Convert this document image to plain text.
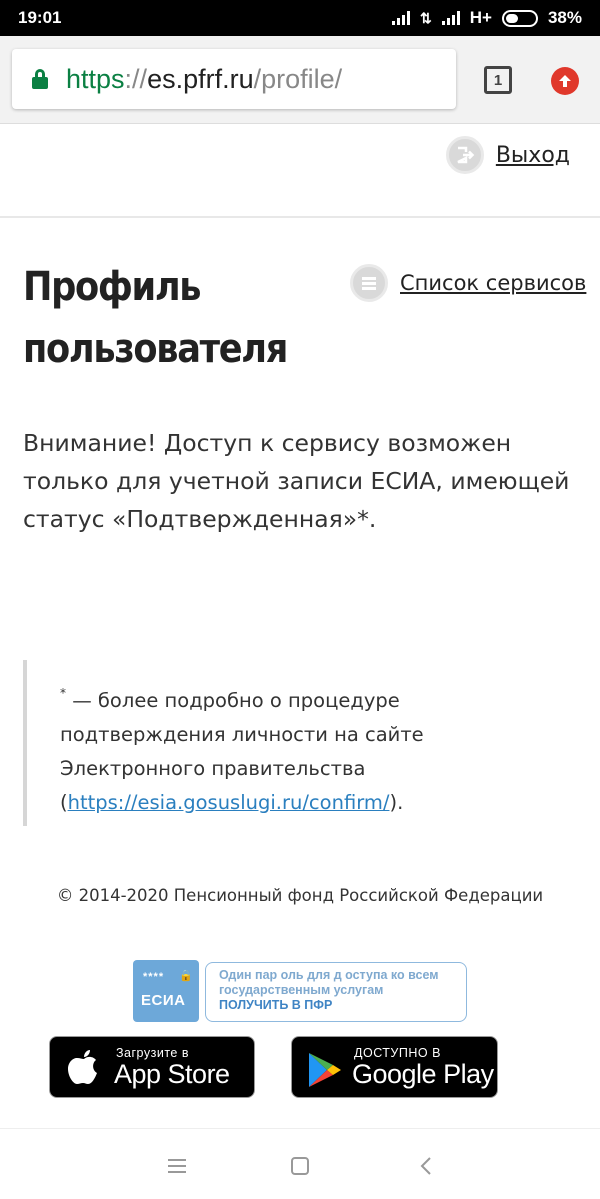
19:01	⇅ H+	38%
https :// es.pfrf.ru /profile/	1
Выход
Профиль
пользователя
Список сервисов

Внимание! Доступ к сервису возможен только для учетной записи ЕСИА, имеющей статус «Подтвержденная»*.

* — более подробно о процедуре подтверждения личности на сайте Электронного правительства (https://esia.gosuslugi.ru/confirm/).
© 2014-2020 Пенсионный фонд Российской Федерации
**** 🔒
ЕСИА
Один пар оль для д оступа ко всем
государственным услугам
ПОЛУЧИТЬ В ПФР
Загрузите в
App Store
ДОСТУПНО В
Google Play
